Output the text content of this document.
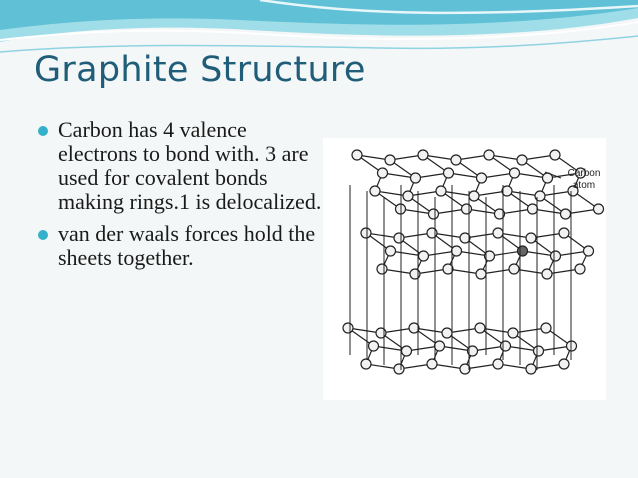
Graphite Structure
Carbon has 4 valence electrons to bond with. 3 are used for covalent bonds making rings.1 is delocalized.
van der waals forces hold the sheets together.
Carbon
atom
